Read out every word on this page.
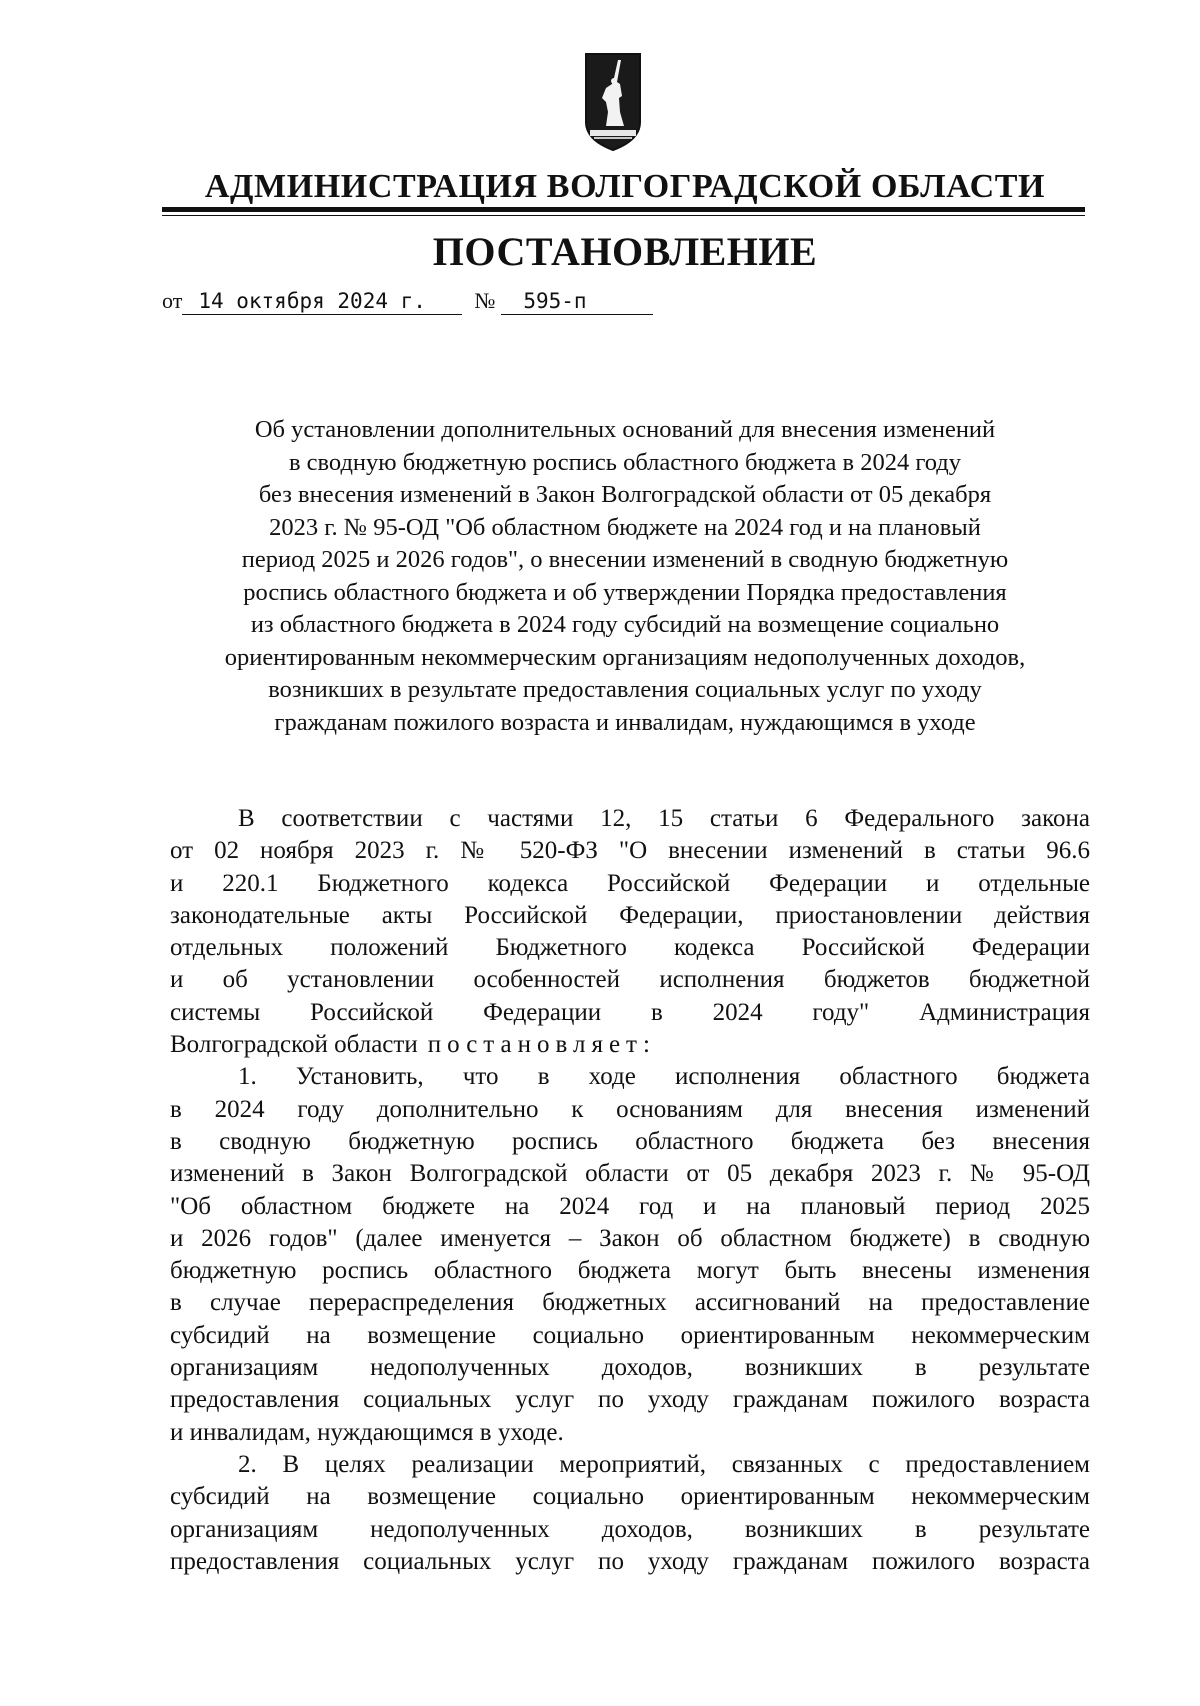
АДМИНИСТРАЦИЯ ВОЛГОГРАДСКОЙ ОБЛАСТИ
ПОСТАНОВЛЕНИЕ
от 14 октября 2024 г. № 595-п
Об установлении дополнительных оснований для внесения изменений
в сводную бюджетную роспись областного бюджета в 2024 году
без внесения изменений в Закон Волгоградской области от 05 декабря
2023 г. № 95-ОД "Об областном бюджете на 2024 год и на плановый
период 2025 и 2026 годов", о внесении изменений в сводную бюджетную
роспись областного бюджета и об утверждении Порядка предоставления
из областного бюджета в 2024 году субсидий на возмещение социально
ориентированным некоммерческим организациям недополученных доходов,
возникших в результате предоставления социальных услуг по уходу
гражданам пожилого возраста и инвалидам, нуждающимся в уходе
В соответствии с частями 12, 15 статьи 6 Федерального закона
от 02 ноября 2023 г. № 520-ФЗ "О внесении изменений в статьи 96.6
и 220.1 Бюджетного кодекса Российской Федерации и отдельные
законодательные акты Российской Федерации, приостановлении действия
отдельных положений Бюджетного кодекса Российской Федерации
и об установлении особенностей исполнения бюджетов бюджетной
системы Российской Федерации в 2024 году" Администрация
Волгоградской области постановляет:
1. Установить, что в ходе исполнения областного бюджета
в 2024 году дополнительно к основаниям для внесения изменений
в сводную бюджетную роспись областного бюджета без внесения
изменений в Закон Волгоградской области от 05 декабря 2023 г. № 95-ОД
"Об областном бюджете на 2024 год и на плановый период 2025
и 2026 годов" (далее именуется – Закон об областном бюджете) в сводную
бюджетную роспись областного бюджета могут быть внесены изменения
в случае перераспределения бюджетных ассигнований на предоставление
субсидий на возмещение социально ориентированным некоммерческим
организациям недополученных доходов, возникших в результате
предоставления социальных услуг по уходу гражданам пожилого возраста
и инвалидам, нуждающимся в уходе.
2. В целях реализации мероприятий, связанных с предоставлением
субсидий на возмещение социально ориентированным некоммерческим
организациям недополученных доходов, возникших в результате
предоставления социальных услуг по уходу гражданам пожилого возраста
